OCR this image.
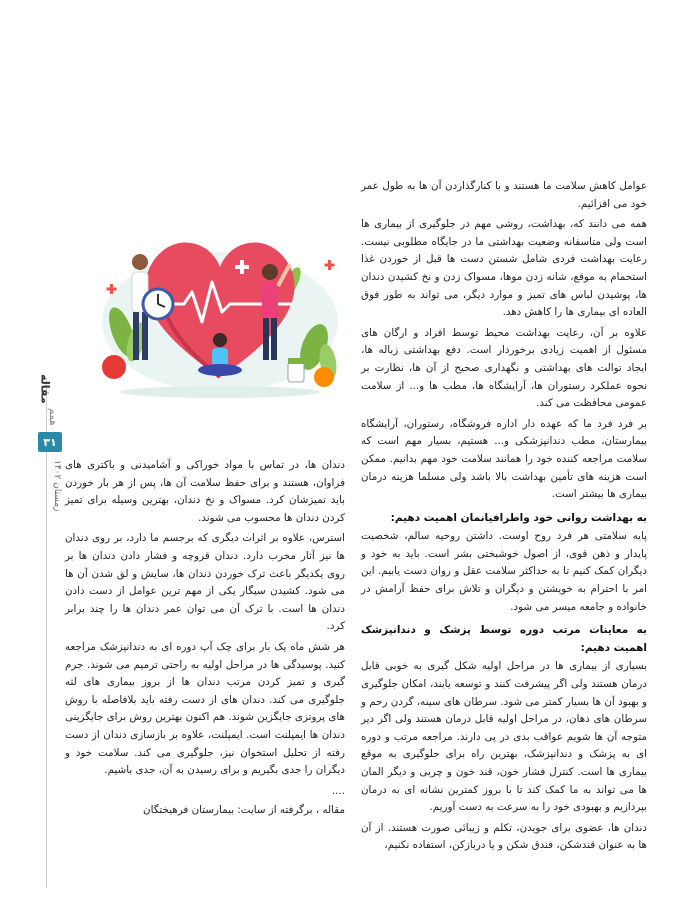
مقاله
همم
۳۱
زمستان ۱۴۰۲

عوامل کاهش سلامت ما هستند و با کنارگذاردن آن ها به طول عمر خود می افزائیم.

همه می دانند که، بهداشت، روشی مهم در جلوگیری از بیماری ها است ولی متاسفانه وضعیت بهداشتی ما در جایگاه مطلوبی نیست. رعایت بهداشت فردی شامل شستن دست ها قبل از خوردن غذا استحمام به موقع، شانه زدن موها، مسواک زدن و نخ کشیدن دندان ها، پوشیدن لباس های تمیز و موارد دیگر، می تواند به طور فوق العاده ای بیماری ها را کاهش دهد.

علاوه بر آن، رعایت بهداشت محیط توسط افراد و ارگان های مسئول از اهمیت زیادی برخوردار است. دفع بهداشتی زباله ها، ایجاد توالت های بهداشتی و نگهداری صحیح از آن ها، نظارت بر نحوه عملکرد رستوران ها، آرایشگاه ها، مطب ها و... از سلامت عمومی محافظت می کند.

بر فرد فرد ما که عهده دار اداره فروشگاه، رستوران، آرایشگاه بیمارستان، مطب دندانپزشکی و... هستیم، بسیار مهم است که سلامت مراجعه کننده خود را همانند سلامت خود مهم بدانیم. ممکن است هزینه های تأمین بهداشت بالا باشد ولی مسلما هزینه درمان بیماری ها بیشتر است.

به بهداشت روانی خود واطرافیانمان اهمیت دهیم:

پایه سلامتی هر فرد روح اوست. داشتن روحیه سالم، شخصیت پایدار و ذهن قوی، از اصول خوشبختی بشر است. باید به خود و دیگران کمک کنیم تا به حداکثر سلامت عقل و روان دست یابیم. این امر با احترام به خویشتن و دیگران و تلاش برای حفظ آرامش در خانواده و جامعه میسر می شود.

به معاینات مرتب دوره توسط پزشک و دندانپزشک اهمیت دهیم:

بسیاری از بیماری ها در مراحل اولیه شکل گیری به خوبی قابل درمان هستند ولی اگر پیشرفت کنند و توسعه یابند، امکان جلوگیری و بهبود آن ها بسیار کمتر می شود. سرطان های سینه، گردن رحم و سرطان های دهان، در مراحل اولیه قابل درمان هستند ولی اگر دیر متوجه آن ها شویم عواقب بدی در پی دارند. مراجعه مرتب و دوره ای به پزشک و دندانپزشک، بهترین راه برای جلوگیری به موقع بیماری ها است. کنترل فشار خون، قند خون و چربی و دیگر المان ها می تواند به ما کمک کند تا با بروز کمترین نشانه ای به درمان بپردازیم و بهبودی خود را به سرعت به دست آوریم.

دندان ها، عضوی برای جویدن، تکلم و زیبائی صورت هستند. از آن ها به عنوان قندشکن، فندق شکن و یا دربازکن، استفاده نکنیم،

دندان ها، در تماس با مواد خوراکی و آشامیدنی و باکتری های فراوان، هستند و برای حفظ سلامت آن ها، پس از هر بار خوردن باید تمیزشان کرد. مسواک و نخ دندان، بهترین وسیله برای تمیز کردن دندان ها محسوب می شوند.

استرس، علاوه بر اثرات دیگری که برجسم ما دارد، بر روی دندان ها نیز آثار مخرب دارد. دندان قروچه و فشار دادن دندان ها بر روی یکدیگر باعث ترک خوردن دندان ها، سایش و لق شدن آن ها می شود. کشیدن سیگار یکی از مهم ترین عوامل از دست دادن دندان ها است. با ترک آن می توان عمر دندان ها را چند برابر کرد.

هر شش ماه یک بار برای چک آپ دوره ای به دندانپزشک مراجعه کنید. پوسیدگی ها در مراحل اولیه به راحتی ترمیم می شوند. جرم گیری و تمیز کردن مرتب دندان ها از بروز بیماری های لثه جلوگیری می کند. دندان های از دست رفته باید بلافاصله با روش های پروتزی جایگزین شوند. هم اکنون بهترین روش برای جایگزینی دندان ها ایمپلنت است. ایمپلنت، علاوه بر بازسازی دندان از دست رفته از تحلیل استخوان نیز، جلوگیری می کند. سلامت خود و دیگران را جدی بگیریم و برای رسیدن به آن، جدی باشیم.

....

مقاله ، برگرفته از سایت: بیمارستان فرهیختگان
